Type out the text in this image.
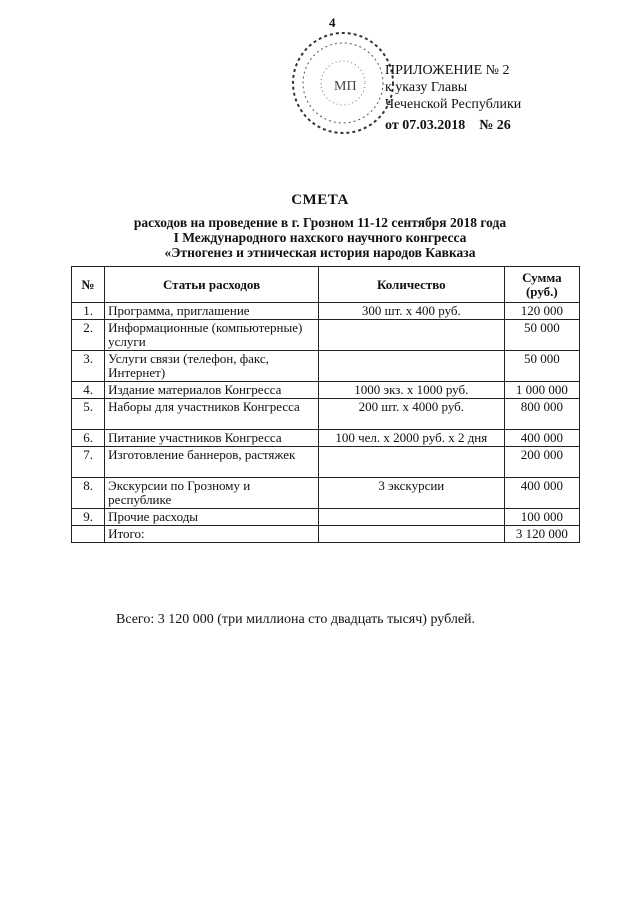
4
МП
ПРИЛОЖЕНИЕ № 2
к указу Главы
Чеченской Республики
от 07.03.2018 № 26
СМЕТА
расходов на проведение в г. Грозном 11-12 сентября 2018 года
I Международного нахского научного конгресса
«Этногенез и этническая история народов Кавказа
№	Статьи расходов	Количество	Сумма (руб.)
1.	Программа, приглашение	300 шт. x 400 руб.	120 000
2.	Информационные (компьютерные) услуги		50 000
3.	Услуги связи (телефон, факс, Интернет)		50 000
4.	Издание материалов Конгресса	1000 экз. x 1000 руб.	1 000 000
5.	Наборы для участников Конгресса	200 шт. x 4000 руб.	800 000
6.	Питание участников Конгресса	100 чел. x 2000 руб. x 2 дня	400 000
7.	Изготовление баннеров, растяжек		200 000
8.	Экскурсии по Грозному и республике	3 экскурсии	400 000
9.	Прочие расходы		100 000
	Итого:		3 120 000
Всего: 3 120 000 (три миллиона сто двадцать тысяч) рублей.
